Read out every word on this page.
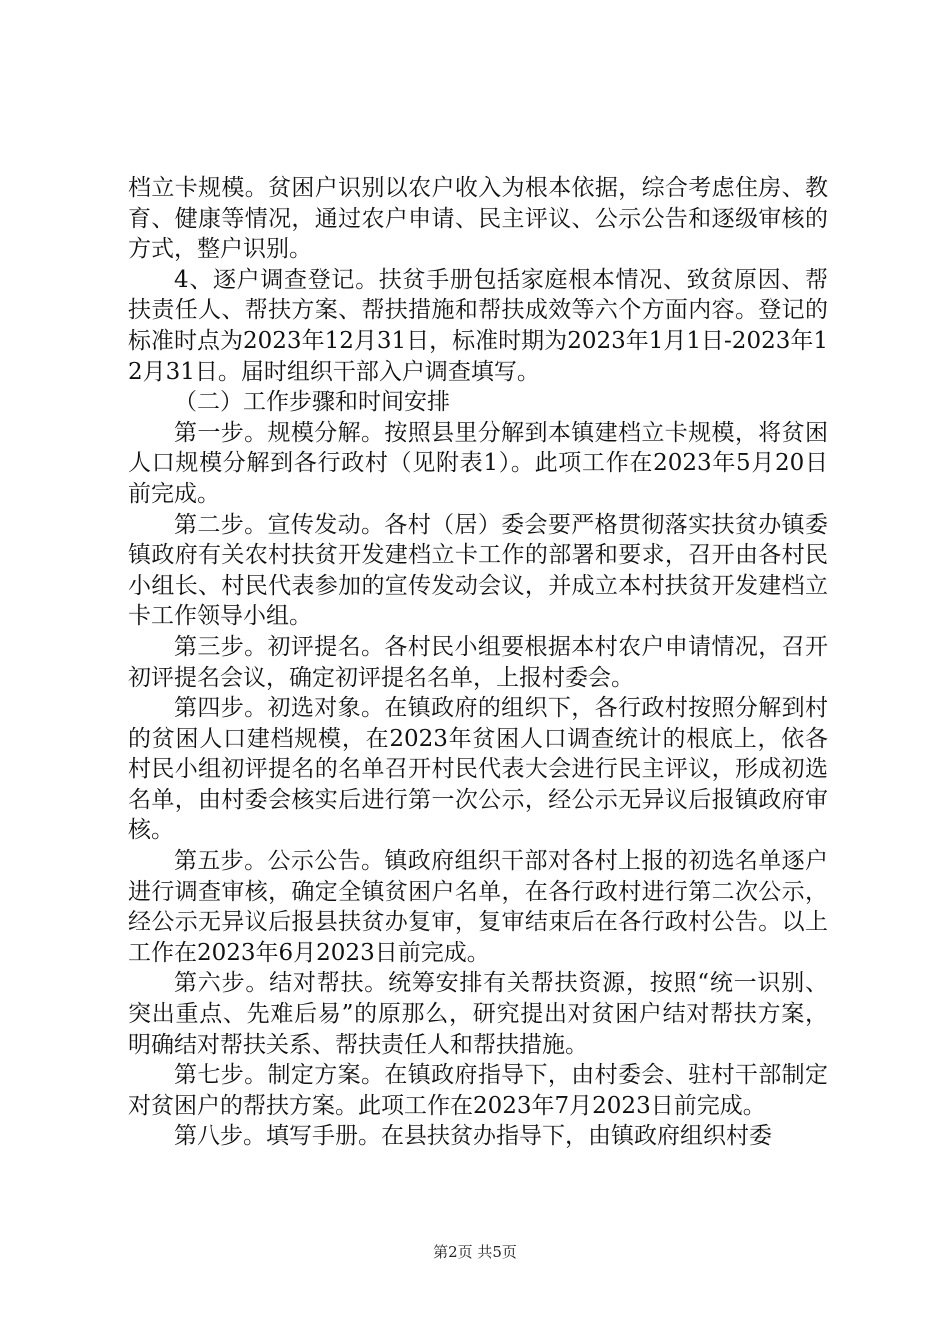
档立卡规模。贫困户识别以农户收入为根本依据，综合考虑住房、教育、健康等情况，通过农户申请、民主评议、公示公告和逐级审核的方式，整户识别。

4、逐户调查登记。扶贫手册包括家庭根本情况、致贫原因、帮扶责任人、帮扶方案、帮扶措施和帮扶成效等六个方面内容。登记的标准时点为2023年12月31日，标准时期为2023年1月1日-2023年12月31日。届时组织干部入户调查填写。

（二）工作步骤和时间安排

第一步。规模分解。按照县里分解到本镇建档立卡规模，将贫困人口规模分解到各行政村（见附表1）。此项工作在2023年5月20日前完成。

第二步。宣传发动。各村（居）委会要严格贯彻落实扶贫办镇委镇政府有关农村扶贫开发建档立卡工作的部署和要求，召开由各村民小组长、村民代表参加的宣传发动会议，并成立本村扶贫开发建档立卡工作领导小组。

第三步。初评提名。各村民小组要根据本村农户申请情况，召开初评提名会议，确定初评提名名单，上报村委会。

第四步。初选对象。在镇政府的组织下，各行政村按照分解到村的贫困人口建档规模，在2023年贫困人口调查统计的根底上，依各村民小组初评提名的名单召开村民代表大会进行民主评议，形成初选名单，由村委会核实后进行第一次公示，经公示无异议后报镇政府审核。

第五步。公示公告。镇政府组织干部对各村上报的初选名单逐户进行调查审核，确定全镇贫困户名单，在各行政村进行第二次公示，经公示无异议后报县扶贫办复审，复审结束后在各行政村公告。以上工作在2023年6月2023日前完成。

第六步。结对帮扶。统筹安排有关帮扶资源，按照“统一识别、突出重点、先难后易”的原那么，研究提出对贫困户结对帮扶方案，明确结对帮扶关系、帮扶责任人和帮扶措施。

第七步。制定方案。在镇政府指导下，由村委会、驻村干部制定对贫困户的帮扶方案。此项工作在2023年7月2023日前完成。

第八步。填写手册。在县扶贫办指导下，由镇政府组织村委

第2页 共5页
